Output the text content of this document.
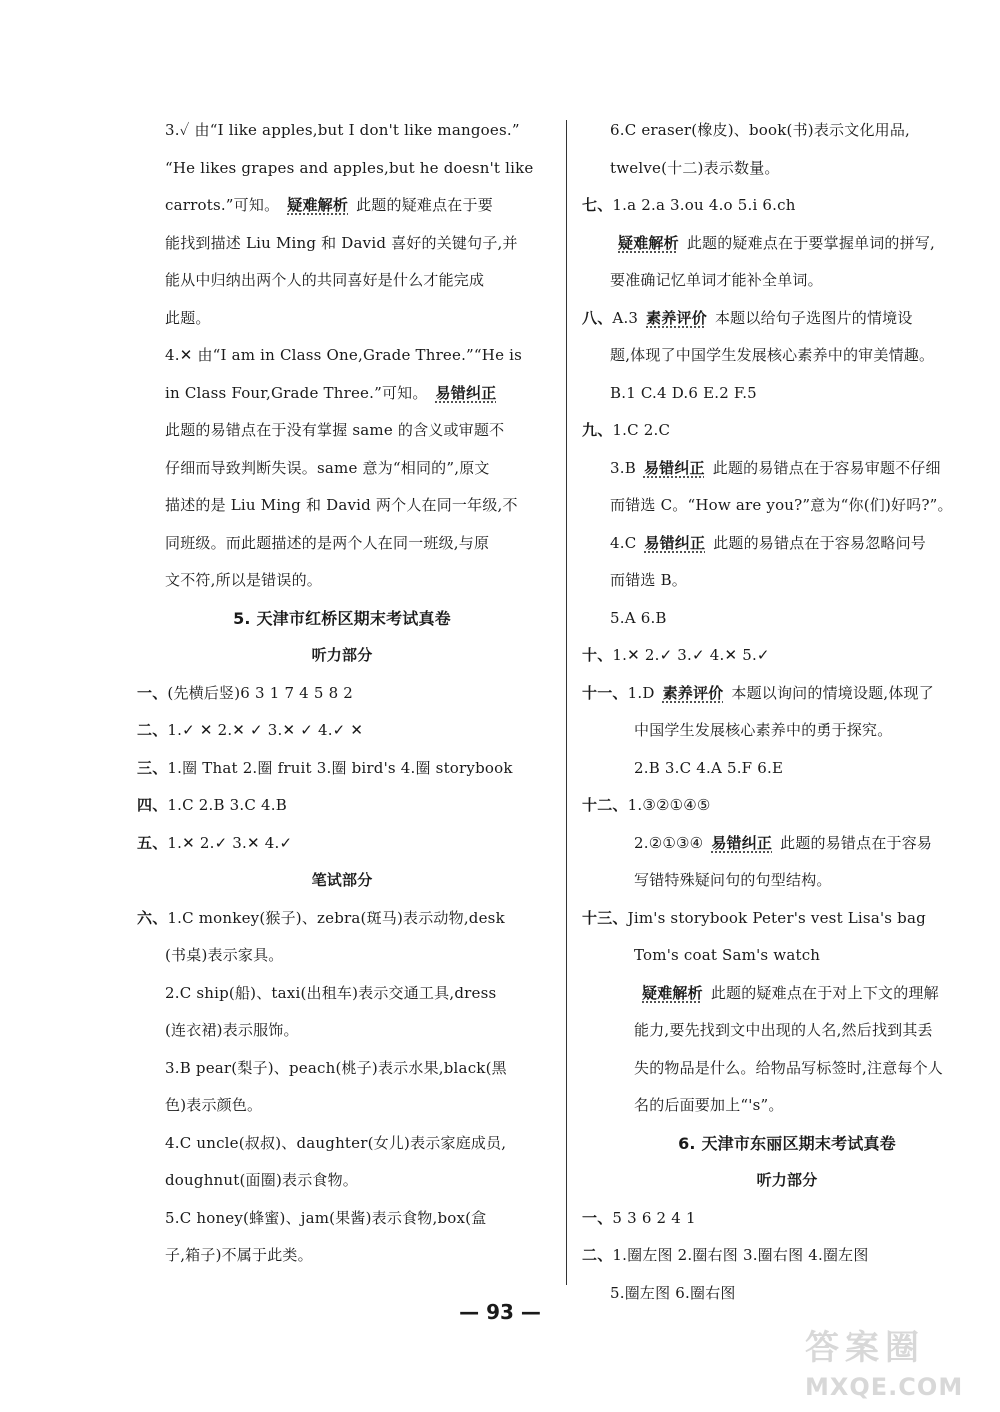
3.✓ 由“I like apples,but I don't like mangoes.”
“He likes grapes and apples,but he doesn't like
carrots.”可知。 疑难解析 此题的疑难点在于要
能找到描述 Liu Ming 和 David 喜好的关键句子,并
能从中归纳出两个人的共同喜好是什么才能完成
此题。
4.✕ 由“I am in Class One,Grade Three.”“He is
in Class Four,Grade Three.”可知。 易错纠正
此题的易错点在于没有掌握 same 的含义或审题不
仔细而导致判断失误。same 意为“相同的”,原文
描述的是 Liu Ming 和 David 两个人在同一年级,不
同班级。而此题描述的是两个人在同一班级,与原
文不符,所以是错误的。
5. 天津市红桥区期末考试真卷
听力部分
一、(先横后竖)6 3 1 7 4 5 8 2
二、1.✓ ✕ 2.✕ ✓ 3.✕ ✓ 4.✓ ✕
三、1.圈 That 2.圈 fruit 3.圈 bird's 4.圈 storybook
四、1.C 2.B 3.C 4.B
五、1.✕ 2.✓ 3.✕ 4.✓
笔试部分
六、1.C monkey(猴子)、zebra(斑马)表示动物,desk
(书桌)表示家具。
2.C ship(船)、taxi(出租车)表示交通工具,dress
(连衣裙)表示服饰。
3.B pear(梨子)、peach(桃子)表示水果,black(黑
色)表示颜色。
4.C uncle(叔叔)、daughter(女儿)表示家庭成员,
doughnut(面圈)表示食物。
5.C honey(蜂蜜)、jam(果酱)表示食物,box(盒
子,箱子)不属于此类。
6.C eraser(橡皮)、book(书)表示文化用品,
twelve(十二)表示数量。
七、1.a 2.a 3.ou 4.o 5.i 6.ch
疑难解析 此题的疑难点在于要掌握单词的拼写,
要准确记忆单词才能补全单词。
八、A.3 素养评价 本题以给句子选图片的情境设
题,体现了中国学生发展核心素养中的审美情趣。
B.1 C.4 D.6 E.2 F.5
九、1.C 2.C
3.B 易错纠正 此题的易错点在于容易审题不仔细
而错选 C。“How are you?”意为“你(们)好吗?”。
4.C 易错纠正 此题的易错点在于容易忽略问号
而错选 B。
5.A 6.B
十、1.✕ 2.✓ 3.✓ 4.✕ 5.✓
十一、1.D 素养评价 本题以询问的情境设题,体现了
中国学生发展核心素养中的勇于探究。
2.B 3.C 4.A 5.F 6.E
十二、1.③②①④⑤
2.②①③④ 易错纠正 此题的易错点在于容易
写错特殊疑问句的句型结构。
十三、Jim's storybook Peter's vest Lisa's bag
Tom's coat Sam's watch
疑难解析 此题的疑难点在于对上下文的理解
能力,要先找到文中出现的人名,然后找到其丢
失的物品是什么。给物品写标签时,注意每个人
名的后面要加上“'s”。
6. 天津市东丽区期末考试真卷
听力部分
一、5 3 6 2 4 1
二、1.圈左图 2.圈右图 3.圈右图 4.圈左图
5.圈左图 6.圈右图
— 93 —
答案圈
MXQE.COM
